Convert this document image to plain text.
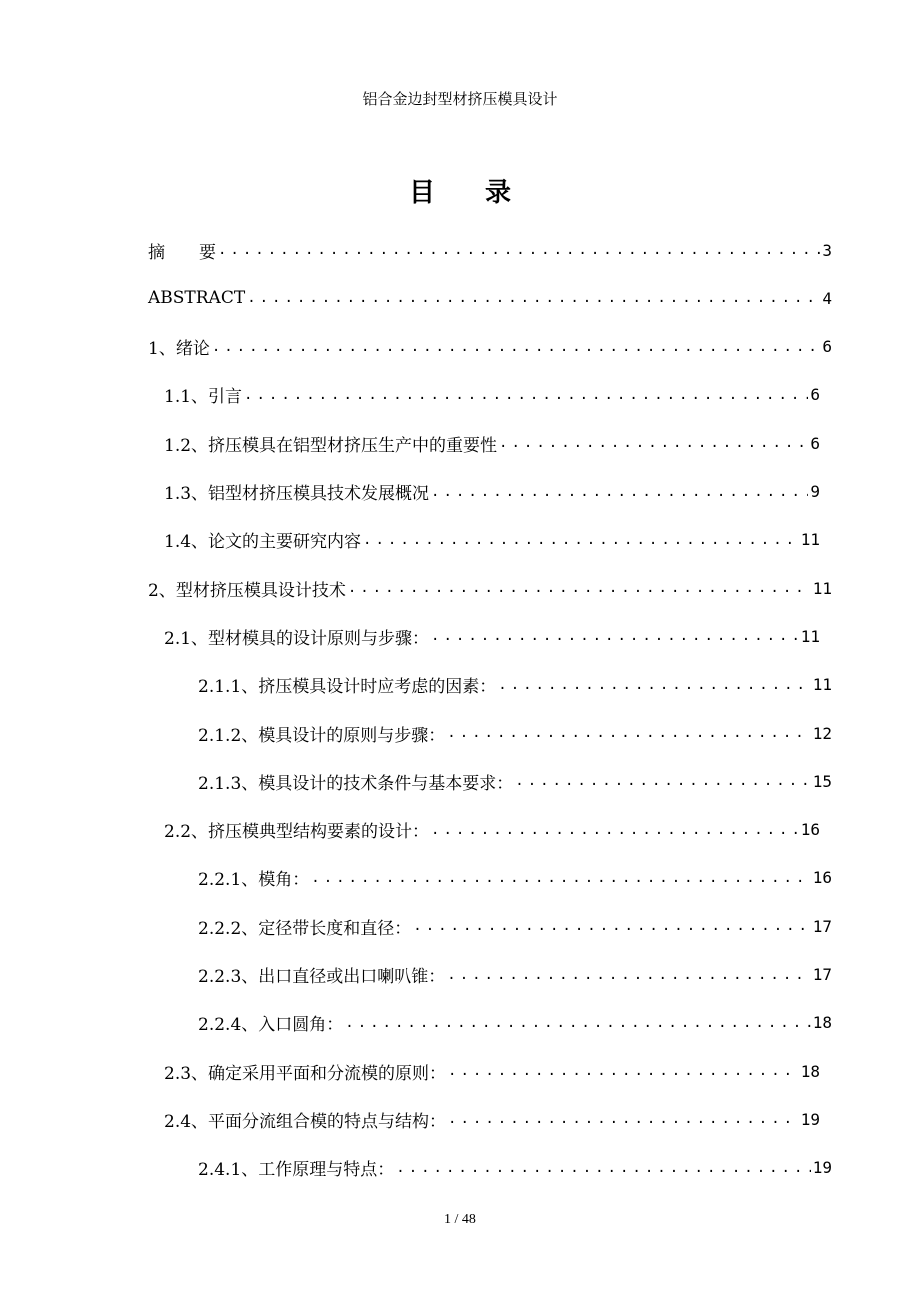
铝合金边封型材挤压模具设计
目录
摘　　要 .....	3
ABSTRACT .....	4
1、绪论 .....	6
1.1、引言 .....	6
1.2、挤压模具在铝型材挤压生产中的重要性 .....	6
1.3、铝型材挤压模具技术发展概况 .....	9
1.4、论文的主要研究内容 .....	11
2、型材挤压模具设计技术 .....	11
2.1、型材模具的设计原则与步骤： .....	11
2.1.1、挤压模具设计时应考虑的因素： .....	11
2.1.2、模具设计的原则与步骤： .....	12
2.1.3、模具设计的技术条件与基本要求： .....	15
2.2、挤压模典型结构要素的设计： .....	16
2.2.1、模角： .....	16
2.2.2、定径带长度和直径： .....	17
2.2.3、出口直径或出口喇叭锥： .....	17
2.2.4、入口圆角： .....	18
2.3、确定采用平面和分流模的原则： .....	18
2.4、平面分流组合模的特点与结构： .....	19
2.4.1、工作原理与特点： .....	19
1 / 48
